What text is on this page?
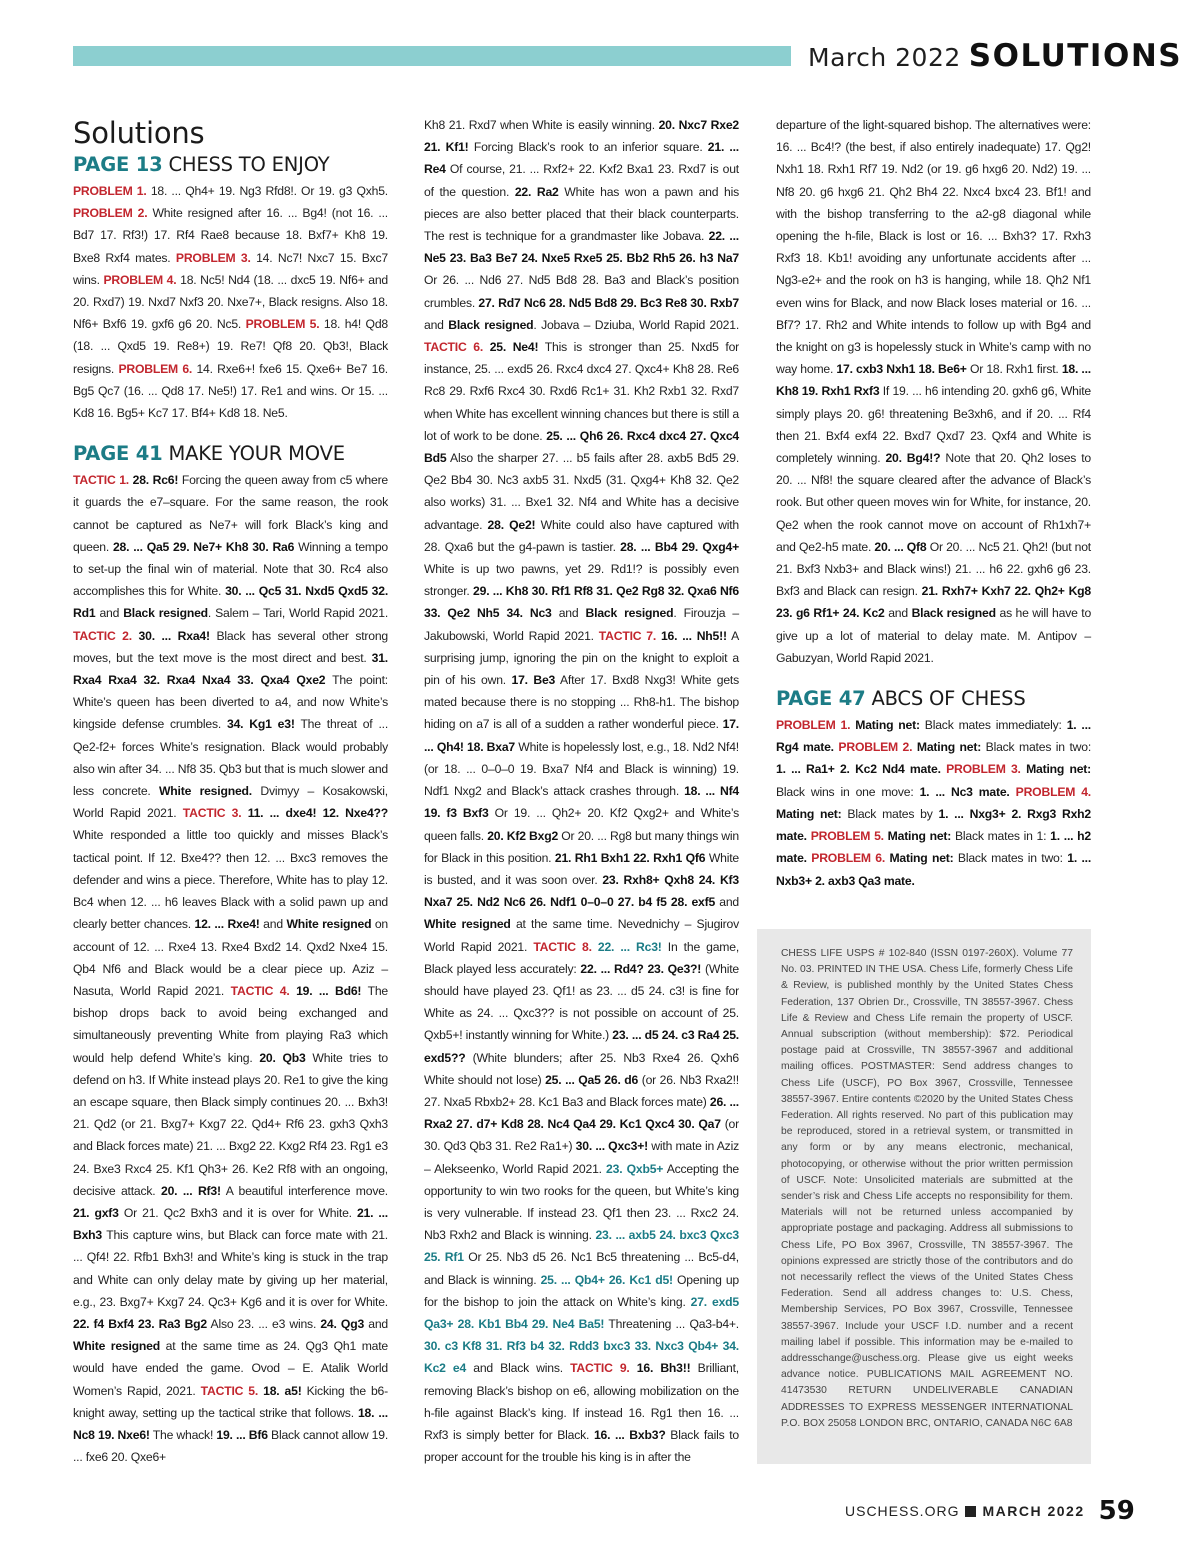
March 2022 SOLUTIONS
Solutions
PAGE 13 CHESS TO ENJOY

PROBLEM 1. 18. ... Qh4+ 19. Ng3 Rfd8!. Or 19. g3 Qxh5. PROBLEM 2. White resigned after 16. ... Bg4! (not 16. ... Bd7 17. Rf3!) 17. Rf4 Rae8 because 18. Bxf7+ Kh8 19. Bxe8 Rxf4 mates. PROBLEM 3. 14. Nc7! Nxc7 15. Bxc7 wins. PROBLEM 4. 18. Nc5! Nd4 (18. ... dxc5 19. Nf6+ and 20. Rxd7) 19. Nxd7 Nxf3 20. Nxe7+, Black resigns. Also 18. Nf6+ Bxf6 19. gxf6 g6 20. Nc5. PROBLEM 5. 18. h4! Qd8 (18. ... Qxd5 19. Re8+) 19. Re7! Qf8 20. Qb3!, Black resigns. PROBLEM 6. 14. Rxe6+! fxe6 15. Qxe6+ Be7 16. Bg5 Qc7 (16. ... Qd8 17. Ne5!) 17. Re1 and wins. Or 15. ... Kd8 16. Bg5+ Kc7 17. Bf4+ Kd8 18. Ne5.

PAGE 41 MAKE YOUR MOVE

TACTIC 1. 28. Rc6! Forcing the queen away from c5 where it guards the e7–square. For the same reason, the rook cannot be captured as Ne7+ will fork Black’s king and queen. 28. ... Qa5 29. Ne7+ Kh8 30. Ra6 Winning a tempo to set-up the final win of material. Note that 30. Rc4 also accomplishes this for White. 30. ... Qc5 31. Nxd5 Qxd5 32. Rd1 and Black resigned. Salem – Tari, World Rapid 2021. TACTIC 2. 30. ... Rxa4! Black has several other strong moves, but the text move is the most direct and best. 31. Rxa4 Rxa4 32. Rxa4 Nxa4 33. Qxa4 Qxe2 The point: White’s queen has been diverted to a4, and now White’s kingside defense crumbles. 34. Kg1 e3! The threat of ... Qe2-f2+ forces White’s resignation. Black would probably also win after 34. ... Nf8 35. Qb3 but that is much slower and less concrete. White resigned. Dvimyy – Kosakowski, World Rapid 2021. TACTIC 3. 11. ... dxe4! 12. Nxe4?? White responded a little too quickly and misses Black’s tactical point. If 12. Bxe4?? then 12. ... Bxc3 removes the defender and wins a piece. Therefore, White has to play 12. Bc4 when 12. ... h6 leaves Black with a solid pawn up and clearly better chances. 12. ... Rxe4! and White resigned on account of 12. ... Rxe4 13. Rxe4 Bxd2 14. Qxd2 Nxe4 15. Qb4 Nf6 and Black would be a clear piece up. Aziz – Nasuta, World Rapid 2021. TACTIC 4. 19. ... Bd6! The bishop drops back to avoid being exchanged and simultaneously preventing White from playing Ra3 which would help defend White’s king. 20. Qb3 White tries to defend on h3. If White instead plays 20. Re1 to give the king an escape square, then Black simply continues 20. ... Bxh3! 21. Qd2 (or 21. Bxg7+ Kxg7 22. Qd4+ Rf6 23. gxh3 Qxh3 and Black forces mate) 21. ... Bxg2 22. Kxg2 Rf4 23. Rg1 e3 24. Bxe3 Rxc4 25. Kf1 Qh3+ 26. Ke2 Rf8 with an ongoing, decisive attack. 20. ... Rf3! A beautiful interference move. 21. gxf3 Or 21. Qc2 Bxh3 and it is over for White. 21. ... Bxh3 This capture wins, but Black can force mate with 21. ... Qf4! 22. Rfb1 Bxh3! and White’s king is stuck in the trap and White can only delay mate by giving up her material, e.g., 23. Bxg7+ Kxg7 24. Qc3+ Kg6 and it is over for White. 22. f4 Bxf4 23. Ra3 Bg2 Also 23. ... e3 wins. 24. Qg3 and White resigned at the same time as 24. Qg3 Qh1 mate would have ended the game. Ovod – E. Atalik World Women’s Rapid, 2021. TACTIC 5. 18. a5! Kicking the b6-knight away, setting up the tactical strike that follows. 18. ... Nc8 19. Nxe6! The whack! 19. ... Bf6 Black cannot allow 19. ... fxe6 20. Qxe6+

Kh8 21. Rxd7 when White is easily winning. 20. Nxc7 Rxe2 21. Kf1! Forcing Black’s rook to an inferior square. 21. ... Re4 Of course, 21. ... Rxf2+ 22. Kxf2 Bxa1 23. Rxd7 is out of the question. 22. Ra2 White has won a pawn and his pieces are also better placed that their black counterparts. The rest is technique for a grandmaster like Jobava. 22. ... Ne5 23. Ba3 Be7 24. Nxe5 Rxe5 25. Bb2 Rh5 26. h3 Na7 Or 26. ... Nd6 27. Nd5 Bd8 28. Ba3 and Black’s position crumbles. 27. Rd7 Nc6 28. Nd5 Bd8 29. Bc3 Re8 30. Rxb7 and Black resigned. Jobava – Dziuba, World Rapid 2021. TACTIC 6. 25. Ne4! This is stronger than 25. Nxd5 for instance, 25. ... exd5 26. Rxc4 dxc4 27. Qxc4+ Kh8 28. Re6 Rc8 29. Rxf6 Rxc4 30. Rxd6 Rc1+ 31. Kh2 Rxb1 32. Rxd7 when White has excellent winning chances but there is still a lot of work to be done. 25. ... Qh6 26. Rxc4 dxc4 27. Qxc4 Bd5 Also the sharper 27. ... b5 fails after 28. axb5 Bd5 29. Qe2 Bb4 30. Nc3 axb5 31. Nxd5 (31. Qxg4+ Kh8 32. Qe2 also works) 31. ... Bxe1 32. Nf4 and White has a decisive advantage. 28. Qe2! White could also have captured with 28. Qxa6 but the g4-pawn is tastier. 28. ... Bb4 29. Qxg4+ White is up two pawns, yet 29. Rd1!? is possibly even stronger. 29. ... Kh8 30. Rf1 Rf8 31. Qe2 Rg8 32. Qxa6 Nf6 33. Qe2 Nh5 34. Nc3 and Black resigned. Firouzja – Jakubowski, World Rapid 2021. TACTIC 7. 16. ... Nh5!! A surprising jump, ignoring the pin on the knight to exploit a pin of his own. 17. Be3 After 17. Bxd8 Nxg3! White gets mated because there is no stopping ... Rh8-h1. The bishop hiding on a7 is all of a sudden a rather wonderful piece. 17. ... Qh4! 18. Bxa7 White is hopelessly lost, e.g., 18. Nd2 Nf4! (or 18. ... 0–0–0 19. Bxa7 Nf4 and Black is winning) 19. Ndf1 Nxg2 and Black’s attack crashes through. 18. ... Nf4 19. f3 Bxf3 Or 19. ... Qh2+ 20. Kf2 Qxg2+ and White’s queen falls. 20. Kf2 Bxg2 Or 20. ... Rg8 but many things win for Black in this position. 21. Rh1 Bxh1 22. Rxh1 Qf6 White is busted, and it was soon over. 23. Rxh8+ Qxh8 24. Kf3 Nxa7 25. Nd2 Nc6 26. Ndf1 0–0–0 27. b4 f5 28. exf5 and White resigned at the same time. Nevednichy – Sjugirov World Rapid 2021. TACTIC 8. 22. ... Rc3! In the game, Black played less accurately: 22. ... Rd4? 23. Qe3?! (White should have played 23. Qf1! as 23. ... d5 24. c3! is fine for White as 24. ... Qxc3?? is not possible on account of 25. Qxb5+! instantly winning for White.) 23. ... d5 24. c3 Ra4 25. exd5?? (White blunders; after 25. Nb3 Rxe4 26. Qxh6 White should not lose) 25. ... Qa5 26. d6 (or 26. Nb3 Rxa2!! 27. Nxa5 Rbxb2+ 28. Kc1 Ba3 and Black forces mate) 26. ... Rxa2 27. d7+ Kd8 28. Nc4 Qa4 29. Kc1 Qxc4 30. Qa7 (or 30. Qd3 Qb3 31. Re2 Ra1+) 30. ... Qxc3+! with mate in Aziz – Alekseenko, World Rapid 2021. 23. Qxb5+ Accepting the opportunity to win two rooks for the queen, but White’s king is very vulnerable. If instead 23. Qf1 then 23. ... Rxc2 24. Nb3 Rxh2 and Black is winning. 23. ... axb5 24. bxc3 Qxc3 25. Rf1 Or 25. Nb3 d5 26. Nc1 Bc5 threatening ... Bc5-d4, and Black is winning. 25. ... Qb4+ 26. Kc1 d5! Opening up for the bishop to join the attack on White’s king. 27. exd5 Qa3+ 28. Kb1 Bb4 29. Ne4 Ba5! Threatening ... Qa3-b4+. 30. c3 Kf8 31. Rf3 b4 32. Rdd3 bxc3 33. Nxc3 Qb4+ 34. Kc2 e4 and Black wins. TACTIC 9. 16. Bh3!! Brilliant, removing Black’s bishop on e6, allowing mobilization on the h-file against Black’s king. If instead 16. Rg1 then 16. ... Rxf3 is simply better for Black. 16. ... Bxb3? Black fails to proper account for the trouble his king is in after the

departure of the light-squared bishop. The alternatives were: 16. ... Bc4!? (the best, if also entirely inadequate) 17. Qg2! Nxh1 18. Rxh1 Rf7 19. Nd2 (or 19. g6 hxg6 20. Nd2) 19. ... Nf8 20. g6 hxg6 21. Qh2 Bh4 22. Nxc4 bxc4 23. Bf1! and with the bishop transferring to the a2-g8 diagonal while opening the h-file, Black is lost or 16. ... Bxh3? 17. Rxh3 Rxf3 18. Kb1! avoiding any unfortunate accidents after ... Ng3-e2+ and the rook on h3 is hanging, while 18. Qh2 Nf1 even wins for Black, and now Black loses material or 16. ... Bf7? 17. Rh2 and White intends to follow up with Bg4 and the knight on g3 is hopelessly stuck in White’s camp with no way home. 17. cxb3 Nxh1 18. Be6+ Or 18. Rxh1 first. 18. ... Kh8 19. Rxh1 Rxf3 If 19. ... h6 intending 20. gxh6 g6, White simply plays 20. g6! threatening Be3xh6, and if 20. ... Rf4 then 21. Bxf4 exf4 22. Bxd7 Qxd7 23. Qxf4 and White is completely winning. 20. Bg4!? Note that 20. Qh2 loses to 20. ... Nf8! the square cleared after the advance of Black’s rook. But other queen moves win for White, for instance, 20. Qe2 when the rook cannot move on account of Rh1xh7+ and Qe2-h5 mate. 20. ... Qf8 Or 20. ... Nc5 21. Qh2! (but not 21. Bxf3 Nxb3+ and Black wins!) 21. ... h6 22. gxh6 g6 23. Bxf3 and Black can resign. 21. Rxh7+ Kxh7 22. Qh2+ Kg8 23. g6 Rf1+ 24. Kc2 and Black resigned as he will have to give up a lot of material to delay mate. M. Antipov – Gabuzyan, World Rapid 2021.

PAGE 47 ABCS OF CHESS

PROBLEM 1. Mating net: Black mates immediately: 1. ... Rg4 mate. PROBLEM 2. Mating net: Black mates in two: 1. ... Ra1+ 2. Kc2 Nd4 mate. PROBLEM 3. Mating net: Black wins in one move: 1. ... Nc3 mate. PROBLEM 4. Mating net: Black mates by 1. ... Nxg3+ 2. Rxg3 Rxh2 mate. PROBLEM 5. Mating net: Black mates in 1: 1. ... h2 mate. PROBLEM 6. Mating net: Black mates in two: 1. ... Nxb3+ 2. axb3 Qa3 mate.

CHESS LIFE USPS # 102-840 (ISSN 0197-260X). Volume 77 No. 03. PRINTED IN THE USA. Chess Life, formerly Chess Life & Review, is published monthly by the United States Chess Federation, 137 Obrien Dr., Crossville, TN 38557-3967. Chess Life & Review and Chess Life remain the property of USCF. Annual subscription (without membership): $72. Periodical postage paid at Crossville, TN 38557-3967 and additional mailing offices. POSTMASTER: Send address changes to Chess Life (USCF), PO Box 3967, Crossville, Tennessee 38557-3967. Entire contents ©2020 by the United States Chess Federation. All rights reserved. No part of this publication may be reproduced, stored in a retrieval system, or transmitted in any form or by any means electronic, mechanical, photocopying, or otherwise without the prior written permission of USCF. Note: Unsolicited materials are submitted at the sender’s risk and Chess Life accepts no responsibility for them. Materials will not be returned unless accompanied by appropriate postage and packaging. Address all submissions to Chess Life, PO Box 3967, Crossville, TN 38557-3967. The opinions expressed are strictly those of the contributors and do not necessarily reflect the views of the United States Chess Federation. Send all address changes to: U.S. Chess, Membership Services, PO Box 3967, Crossville, Tennessee 38557-3967. Include your USCF I.D. number and a recent mailing label if possible. This information may be e-mailed to addresschange@uschess.org. Please give us eight weeks advance notice. PUBLICATIONS MAIL AGREEMENT NO. 41473530 RETURN UNDELIVERABLE CANADIAN ADDRESSES TO EXPRESS MESSENGER INTERNATIONAL P.O. BOX 25058 LONDON BRC, ONTARIO, CANADA N6C 6A8

USCHESS.ORG MARCH 2022 59
